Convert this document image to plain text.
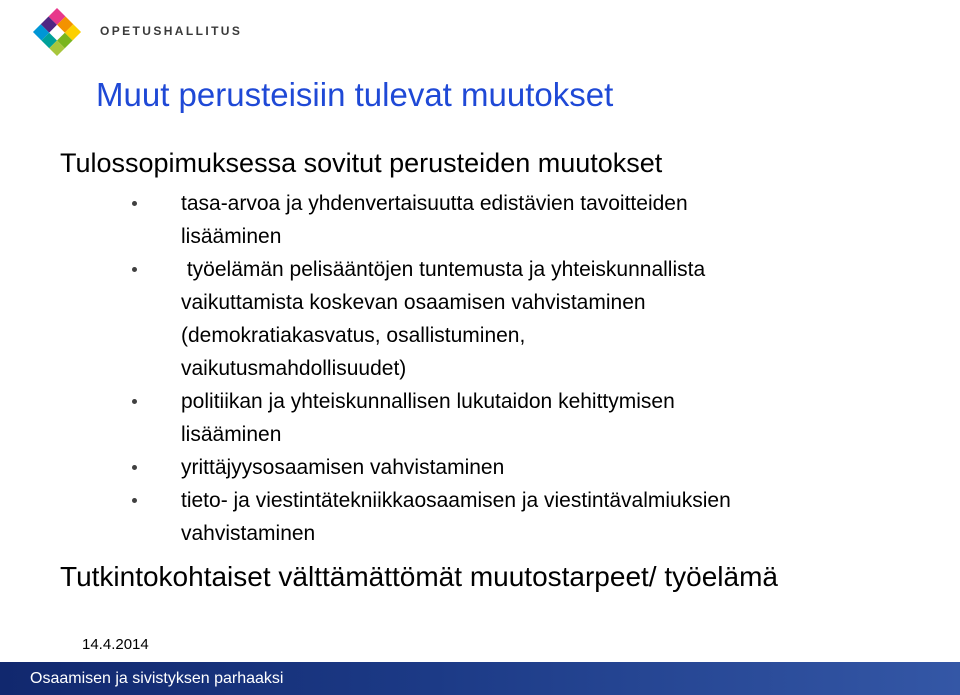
OPETUSHALLITUS
Muut perusteisiin tulevat muutokset
Tulossopimuksessa sovitut perusteiden muutokset
tasa-arvoa ja yhdenvertaisuutta edistävien tavoitteiden
lisääminen
työelämän pelisääntöjen tuntemusta ja yhteiskunnallista
vaikuttamista koskevan osaamisen vahvistaminen
(demokratiakasvatus, osallistuminen,
vaikutusmahdollisuudet)
politiikan ja yhteiskunnallisen lukutaidon kehittymisen
lisääminen
yrittäjyysosaamisen vahvistaminen
tieto- ja viestintätekniikkaosaamisen ja viestintävalmiuksien
vahvistaminen
Tutkintokohtaiset välttämättömät muutostarpeet/ työelämä
14.4.2014
Osaamisen ja sivistyksen parhaaksi
